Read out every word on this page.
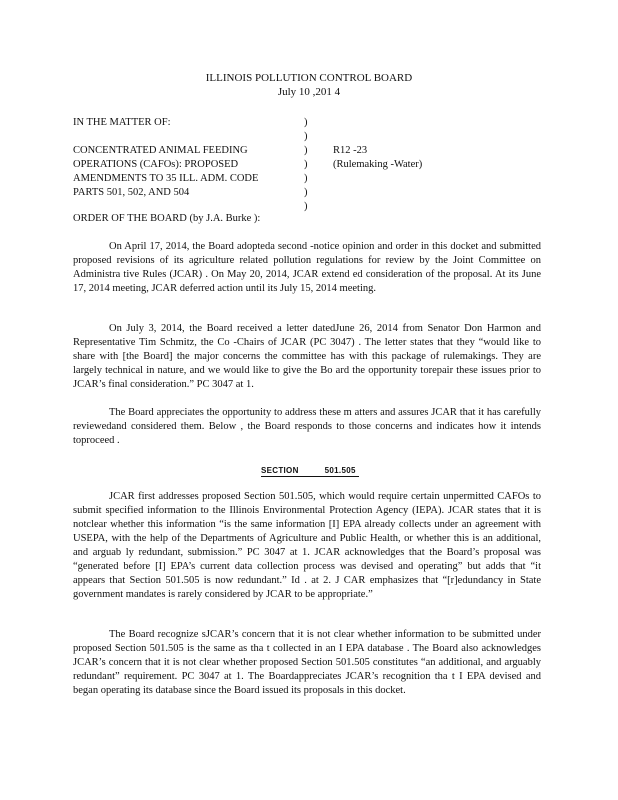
ILLINOIS POLLUTION CONTROL BOARD
July 10 ,201 4
IN THE MATTER OF:
CONCENTRATED ANIMAL FEEDING
OPERATIONS (CAFOs): PROPOSED
AMENDMENTS TO 35 ILL. ADM. CODE
PARTS 501, 502, AND 504
)
)
)
)
)
)
)
R12 -23
(Rulemaking -Water)
ORDER OF THE BOARD (by J.A. Burke ):

On April 17, 2014, the Board adopteda second -notice opinion and order in this docket and submitted proposed revisions of its agriculture related pollution regulations for review by the Joint Committee on Administra tive Rules (JCAR) . On May 20, 2014, JCAR extend ed consideration of the proposal. At its June 17, 2014 meeting, JCAR deferred action until its July 15, 2014 meeting.

On July 3, 2014, the Board received a letter datedJune 26, 2014 from Senator Don Harmon and Representative Tim Schmitz, the Co -Chairs of JCAR (PC 3047) . The letter states that they “would like to share with [the Board] the major concerns the committee has with this package of rulemakings. They are largely technical in nature, and we would like to give the Bo ard the opportunity torepair these issues prior to JCAR’s final consideration.” PC 3047 at 1.

The Board appreciates the opportunity to address these m atters and assures JCAR that it has carefully reviewedand considered them. Below , the Board responds to those concerns and indicates how it intends toproceed .

SECTION	501.505

JCAR first addresses proposed Section 501.505, which would require certain unpermitted CAFOs to submit specified information to the Illinois Environmental Protection Agency (IEPA). JCAR states that it is notclear whether this information “is the same information [I] EPA already collects under an agreement with USEPA, with the help of the Departments of Agriculture and Public Health, or whether this is an additional, and arguab ly redundant, submission.” PC 3047 at 1. JCAR acknowledges that the Board’s proposal was “generated before [I] EPA’s current data collection process was devised and operating” but adds that “it appears that Section 501.505 is now redundant.” Id . at 2. J CAR emphasizes that “[r]edundancy in State government mandates is rarely considered by JCAR to be appropriate.”

The Board recognize sJCAR’s concern that it is not clear whether information to be submitted under proposed Section 501.505 is the same as tha t collected in an I EPA database . The Board also acknowledges JCAR’s concern that it is not clear whether proposed Section 501.505 constitutes “an additional, and arguably redundant” requirement. PC 3047 at 1. The Boardappreciates JCAR’s recognition tha t I EPA devised and began operating its database since the Board issued its proposals in this docket.
